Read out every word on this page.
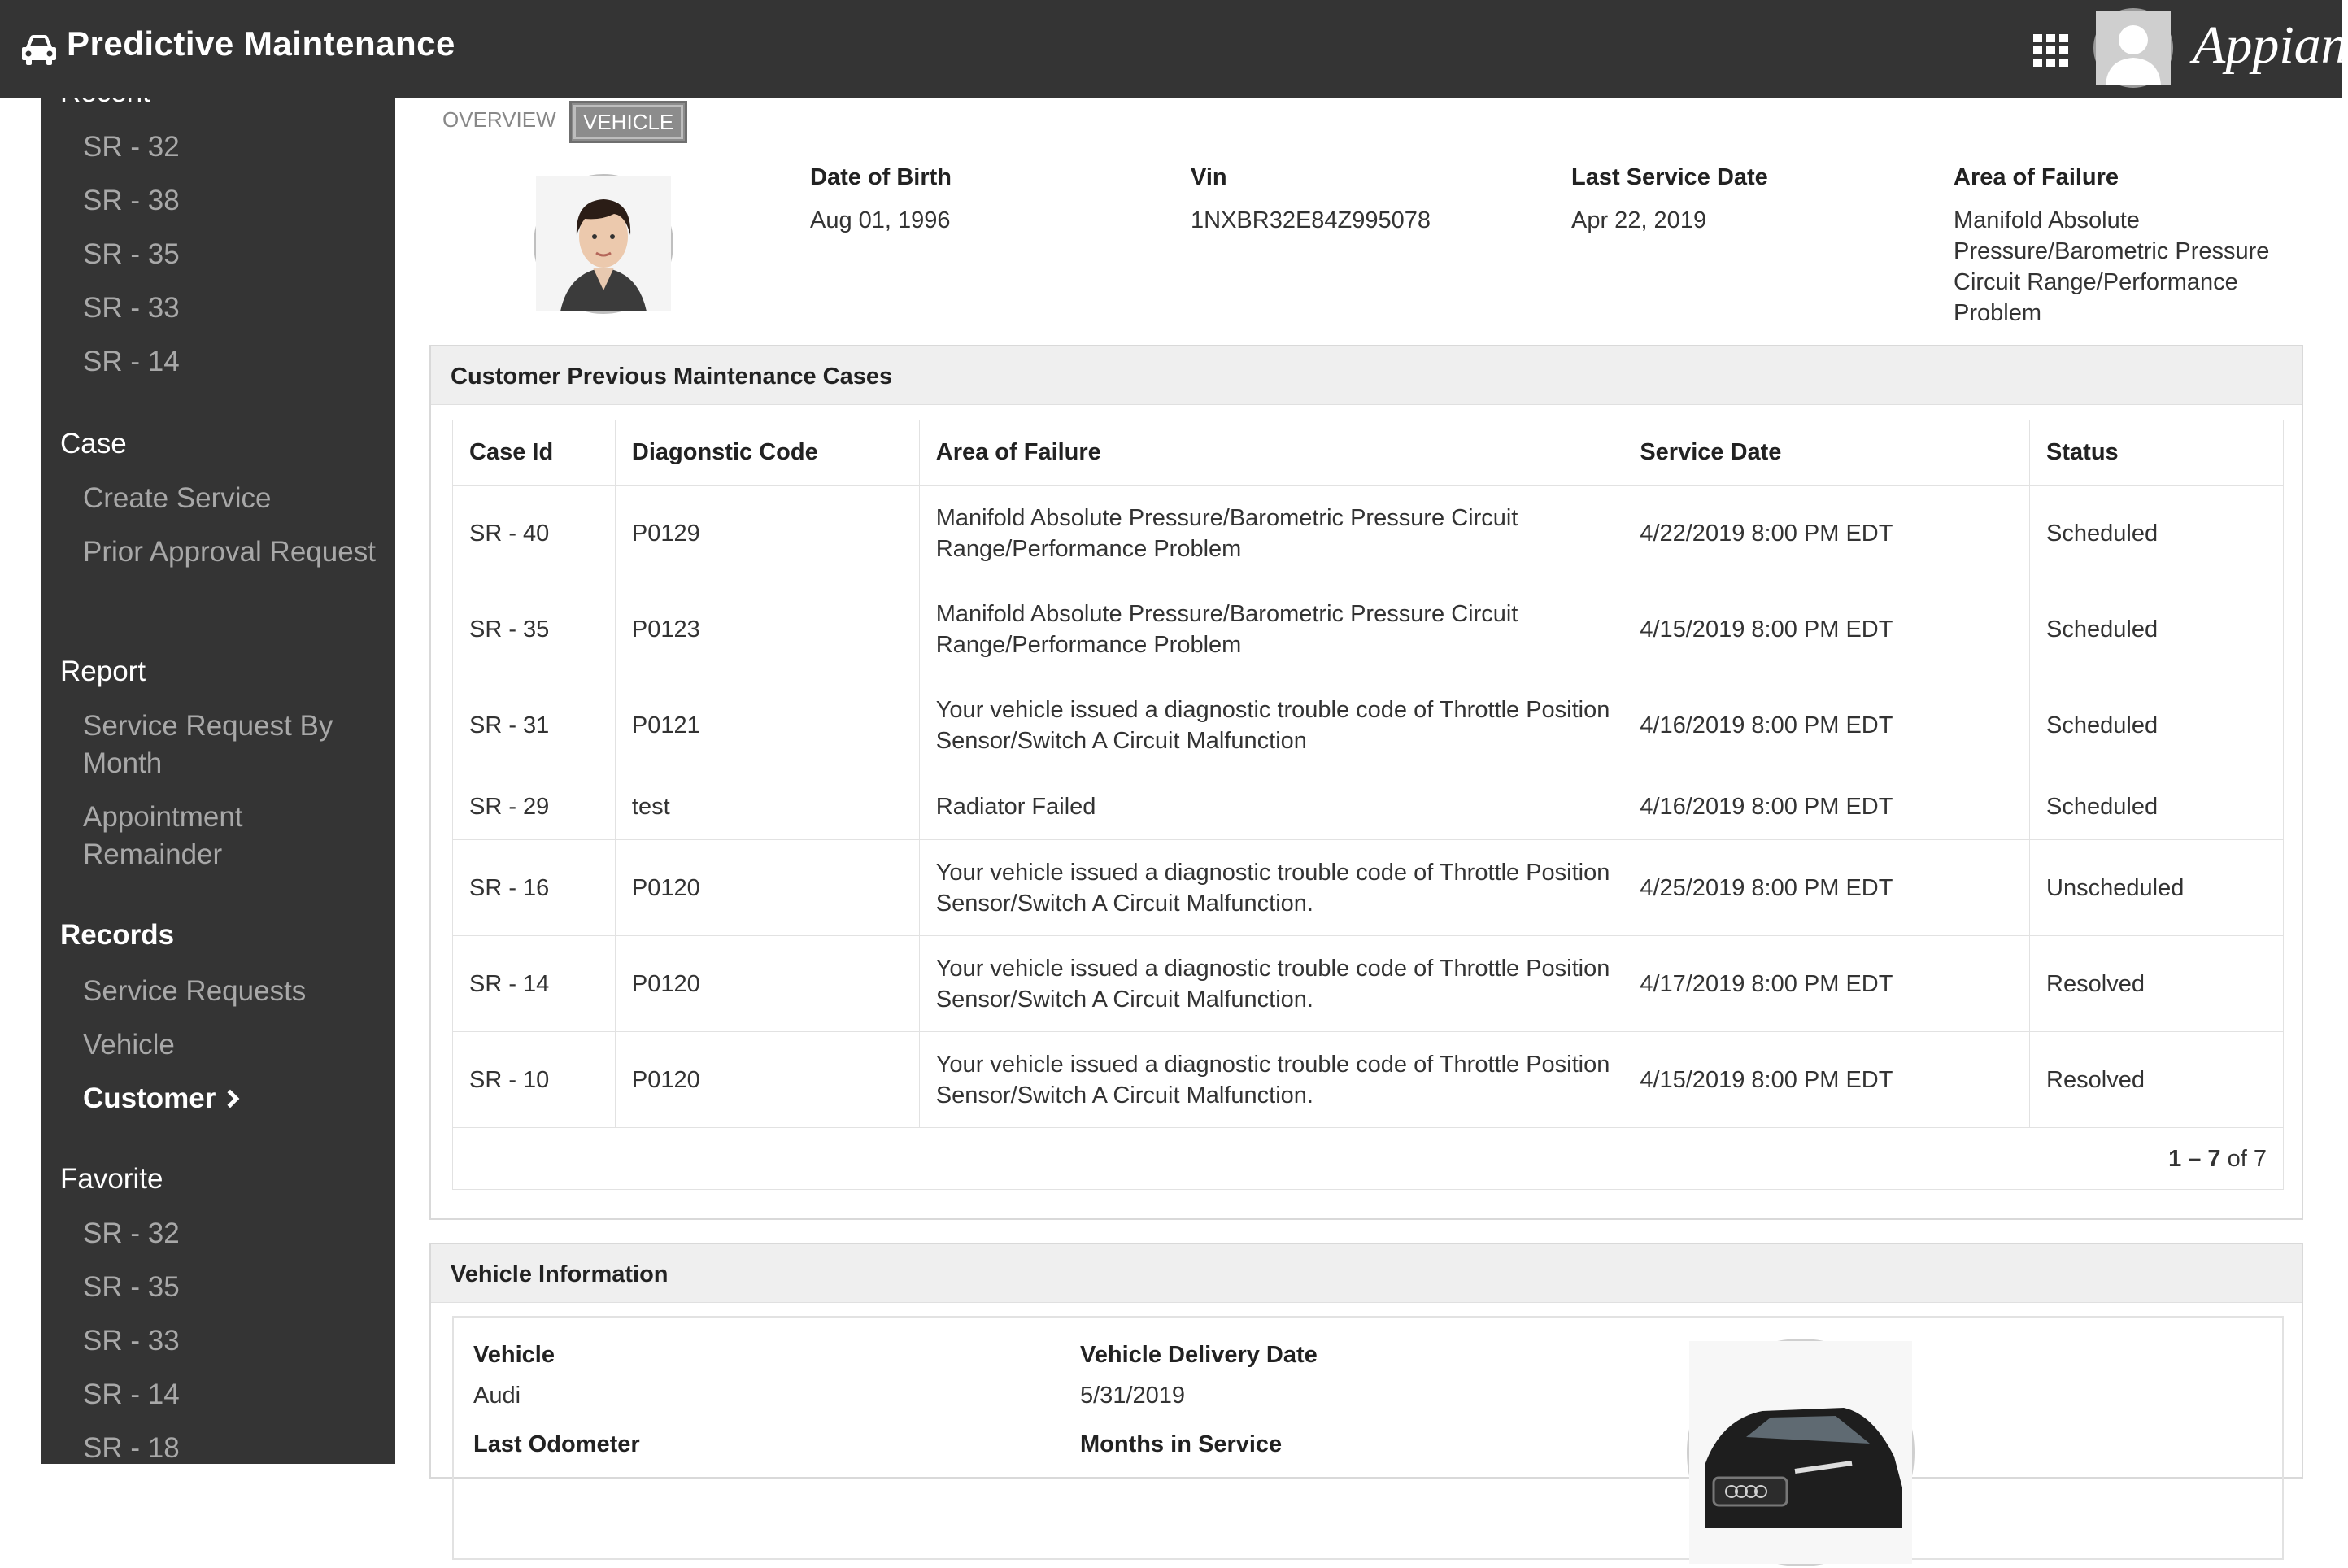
Predictive Maintenance	Appian
SR - 32
SR - 38
SR - 35
SR - 33
SR - 14
Case
Create Service
Prior Approval Request
Report
Service Request By Month
Appointment Remainder
Records
Service Requests
Vehicle
Customer
Favorite
SR - 32
SR - 35
SR - 33
SR - 14
SR - 18
OVERVIEW	VEHICLE
Date of Birth
Aug 01, 1996
Vin
1NXBR32E84Z995078
Last Service Date
Apr 22, 2019
Area of Failure
Manifold Absolute Pressure/Barometric Pressure Circuit Range/Performance Problem
Customer Previous Maintenance Cases
Case Id	Diagonstic Code	Area of Failure	Service Date	Status
SR - 40	P0129	Manifold Absolute Pressure/Barometric Pressure Circuit Range/Performance Problem	4/22/2019 8:00 PM EDT	Scheduled
SR - 35	P0123	Manifold Absolute Pressure/Barometric Pressure Circuit Range/Performance Problem	4/15/2019 8:00 PM EDT	Scheduled
SR - 31	P0121	Your vehicle issued a diagnostic trouble code of Throttle Position Sensor/Switch A Circuit Malfunction	4/16/2019 8:00 PM EDT	Scheduled
SR - 29	test	Radiator Failed	4/16/2019 8:00 PM EDT	Scheduled
SR - 16	P0120	Your vehicle issued a diagnostic trouble code of Throttle Position Sensor/Switch A Circuit Malfunction.	4/25/2019 8:00 PM EDT	Unscheduled
SR - 14	P0120	Your vehicle issued a diagnostic trouble code of Throttle Position Sensor/Switch A Circuit Malfunction.	4/17/2019 8:00 PM EDT	Resolved
SR - 10	P0120	Your vehicle issued a diagnostic trouble code of Throttle Position Sensor/Switch A Circuit Malfunction.	4/15/2019 8:00 PM EDT	Resolved
1 – 7 of 7				
Vehicle Information
Vehicle
Audi
Last Odometer
Vehicle Delivery Date
5/31/2019
Months in Service
